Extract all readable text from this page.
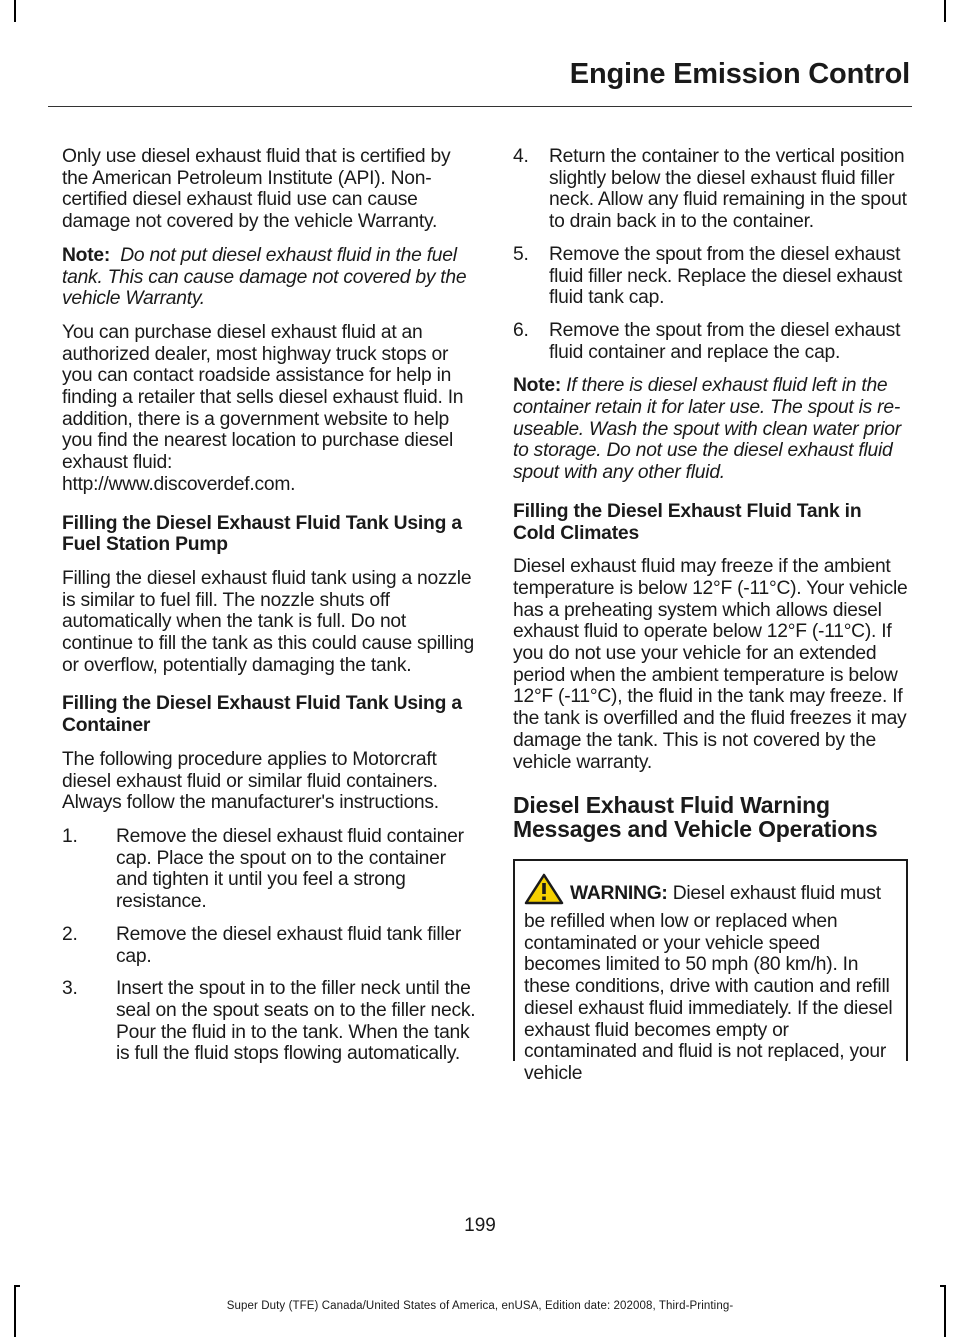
Engine Emission Control

Only use diesel exhaust fluid that is certified by the American Petroleum Institute (API). Non-certified diesel exhaust fluid use can cause damage not covered by the vehicle Warranty.

Note: Do not put diesel exhaust fluid in the fuel tank. This can cause damage not covered by the vehicle Warranty.

You can purchase diesel exhaust fluid at an authorized dealer, most highway truck stops or you can contact roadside assistance for help in finding a retailer that sells diesel exhaust fluid. In addition, there is a government website to help you find the nearest location to purchase diesel exhaust fluid:
http://www.discoverdef.com.

Filling the Diesel Exhaust Fluid Tank Using a Fuel Station Pump

Filling the diesel exhaust fluid tank using a nozzle is similar to fuel fill. The nozzle shuts off automatically when the tank is full. Do not continue to fill the tank as this could cause spilling or overflow, potentially damaging the tank.

Filling the Diesel Exhaust Fluid Tank Using a Container

The following procedure applies to Motorcraft diesel exhaust fluid or similar fluid containers. Always follow the manufacturer's instructions.

1. Remove the diesel exhaust fluid container cap. Place the spout on to the container and tighten it until you feel a strong resistance.
2. Remove the diesel exhaust fluid tank filler cap.
3. Insert the spout in to the filler neck until the seal on the spout seats on to the filler neck. Pour the fluid in to the tank. When the tank is full the fluid stops flowing automatically.
4. Return the container to the vertical position slightly below the diesel exhaust fluid filler neck. Allow any fluid remaining in the spout to drain back in to the container.
5. Remove the spout from the diesel exhaust fluid filler neck. Replace the diesel exhaust fluid tank cap.
6. Remove the spout from the diesel exhaust fluid container and replace the cap.

Note: If there is diesel exhaust fluid left in the container retain it for later use. The spout is re-useable. Wash the spout with clean water prior to storage. Do not use the diesel exhaust fluid spout with any other fluid.

Filling the Diesel Exhaust Fluid Tank in Cold Climates

Diesel exhaust fluid may freeze if the ambient temperature is below 12°F (-11°C). Your vehicle has a preheating system which allows diesel exhaust fluid to operate below 12°F (-11°C). If you do not use your vehicle for an extended period when the ambient temperature is below 12°F (-11°C), the fluid in the tank may freeze. If the tank is overfilled and the fluid freezes it may damage the tank. This is not covered by the vehicle warranty.

Diesel Exhaust Fluid Warning Messages and Vehicle Operations
WARNING: Diesel exhaust fluid must be refilled when low or replaced when contaminated or your vehicle speed becomes limited to 50 mph (80 km/h). In these conditions, drive with caution and refill diesel exhaust fluid immediately. If the diesel exhaust fluid becomes empty or contaminated and fluid is not replaced, your vehicle
199
Super Duty (TFE) Canada/United States of America, enUSA, Edition date: 202008, Third-Printing-
